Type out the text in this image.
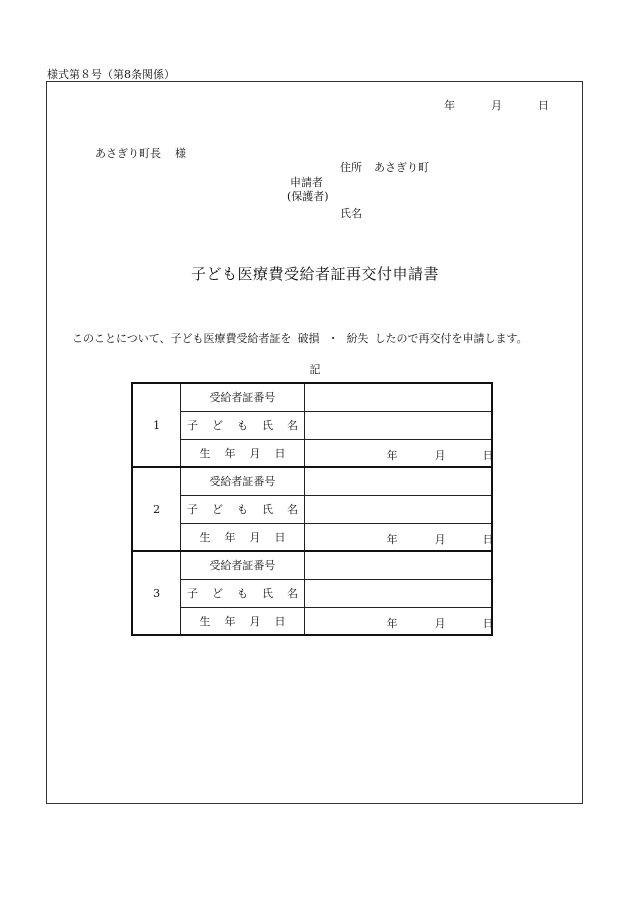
様式第８号（第8条関係）
年	月	日
あさぎり町長 様
住所 あさぎり町
申請者
(保護者)
氏名
子ども医療費受給者証再交付申請書
このことについて、子ども医療費受給者証を 破損 ・ 紛失 したので再交付を申請します。
記
1	受給者証番号	
	子 ど も 氏 名	
	生 年 月 日	年 月 日

2	受給者証番号	
	子 ど も 氏 名	
	生 年 月 日	年 月 日

3	受給者証番号	
	子 ど も 氏 名	
	生 年 月 日	年 月 日
